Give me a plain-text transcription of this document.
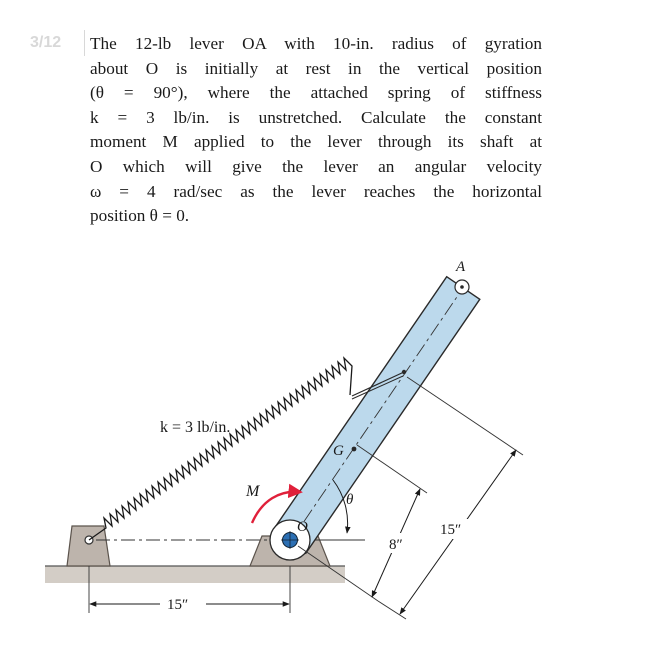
3/12 The 12-lb lever OA with 10-in. radius of gyration
about O is initially at rest in the vertical position
(θ = 90°), where the attached spring of stiffness
k = 3 lb/in. is unstretched. Calculate the constant
moment M applied to the lever through its shaft at
O which will give the lever an angular velocity
ω = 4 rad/sec as the lever reaches the horizontal
position θ = 0.
G
A
O
k = 3 lb/in.
M	θ
8″
15″
15″
